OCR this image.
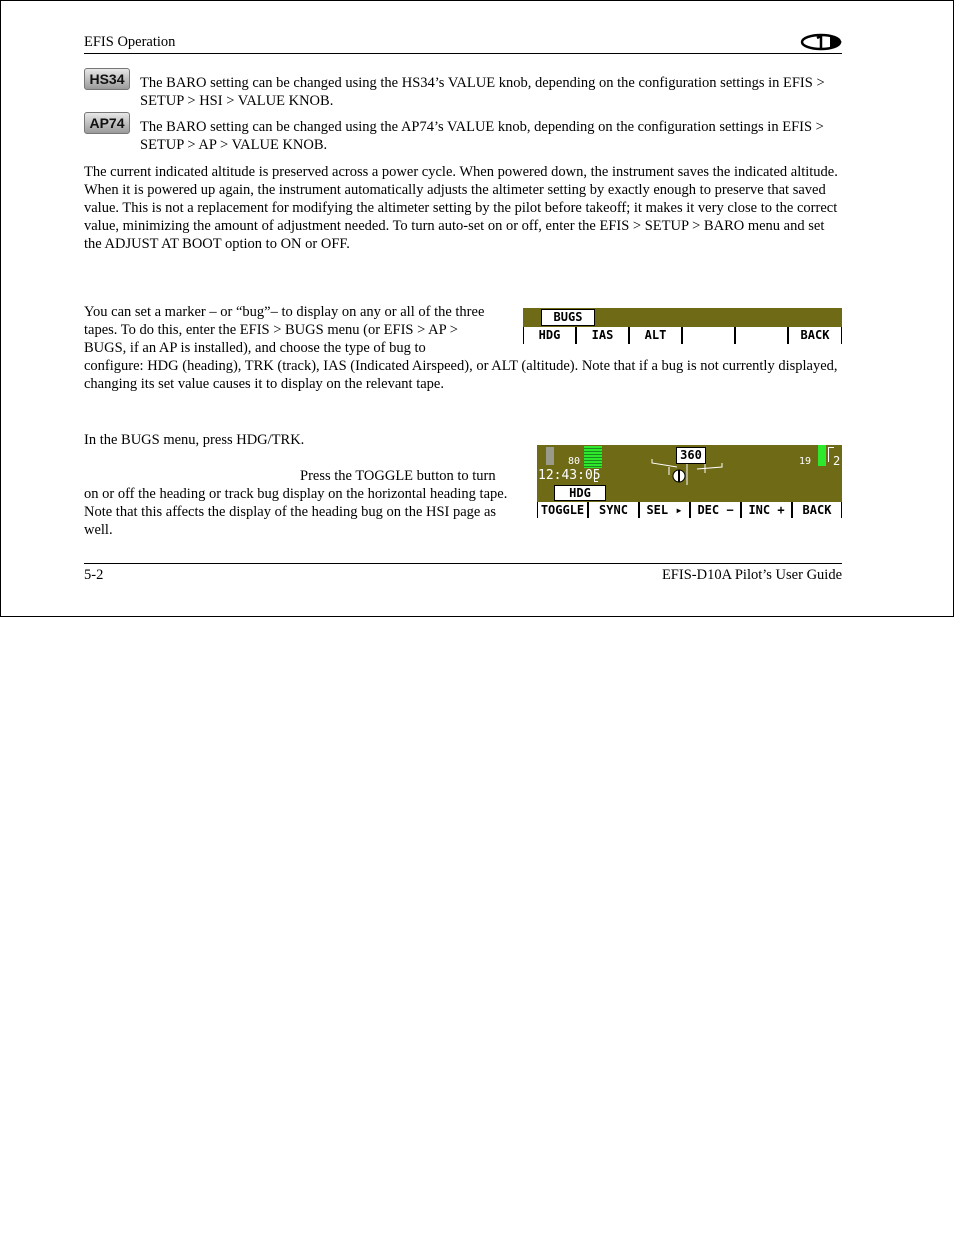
EFIS Operation
HS34	The BARO setting can be changed using the HS34’s VALUE knob, depending on the configuration settings in EFIS > SETUP > HSI > VALUE KNOB.
AP74	The BARO setting can be changed using the AP74’s VALUE knob, depending on the configuration settings in EFIS > SETUP > AP > VALUE KNOB.
The current indicated altitude is preserved across a power cycle. When powered down, the instrument saves the indicated altitude. When it is powered up again, the instrument automatically adjusts the altimeter setting by exactly enough to preserve that saved value. This is not a replacement for modifying the altimeter setting by the pilot before takeoff; it makes it very close to the correct value, minimizing the amount of adjustment needed. To turn auto-set on or off, enter the EFIS > SETUP > BARO menu and set the ADJUST AT BOOT option to ON or OFF.
You can set a marker – or “bug”– to display on any or all of the three tapes. To do this, enter the EFIS > BUGS menu (or EFIS > AP > BUGS, if an AP is installed), and choose the type of bug to
configure: HDG (heading), TRK (track), IAS (Indicated Airspeed), or ALT (altitude). Note that if a bug is not currently displayed, changing its set value causes it to display on the relevant tape.
BUGS
HDG	IAS	ALT	BACK
In the BUGS menu, press HDG/TRK.
Press the TOGGLE button to turn on or off the heading or track bug display on the horizontal heading tape. Note that this affects the display of the heading bug on the HSI page as well.
80
12:43:05
360	19 2
HDG
TOGGLE	SYNC	SEL ▸	DEC −	INC +	BACK
5-2	EFIS-D10A Pilot’s User Guide
